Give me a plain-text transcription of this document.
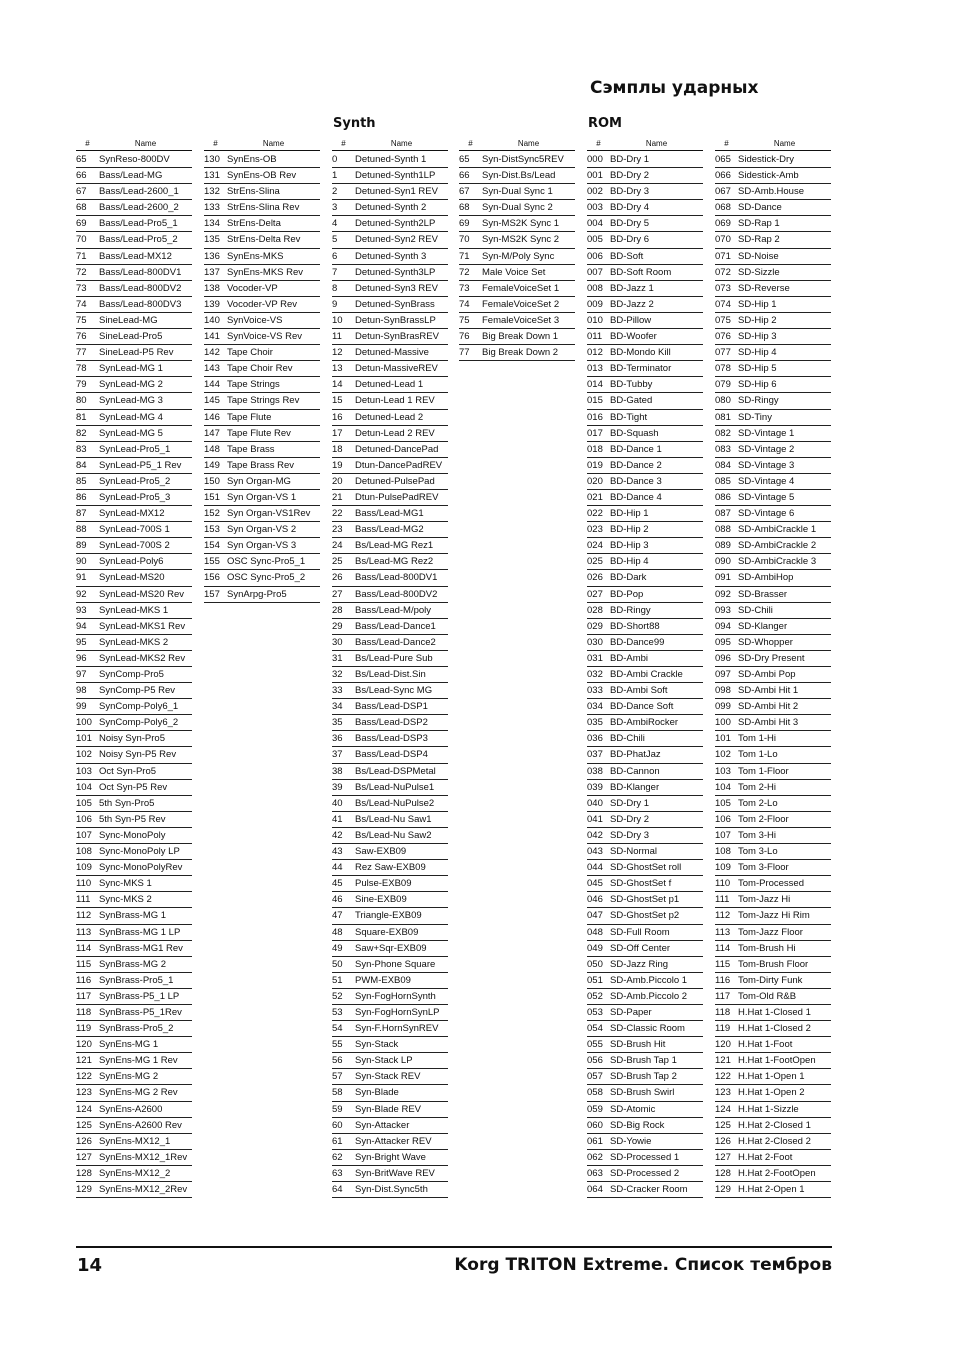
Сэмплы ударных
Synth	ROM
#	Name
65	SynReso-800DV
66	Bass/Lead-MG
67	Bass/Lead-2600_1
68	Bass/Lead-2600_2
69	Bass/Lead-Pro5_1
70	Bass/Lead-Pro5_2
71	Bass/Lead-MX12
72	Bass/Lead-800DV1
73	Bass/Lead-800DV2
74	Bass/Lead-800DV3
75	SineLead-MG
76	SineLead-Pro5
77	SineLead-P5 Rev
78	SynLead-MG 1
79	SynLead-MG 2
80	SynLead-MG 3
81	SynLead-MG 4
82	SynLead-MG 5
83	SynLead-Pro5_1
84	SynLead-P5_1 Rev
85	SynLead-Pro5_2
86	SynLead-Pro5_3
87	SynLead-MX12
88	SynLead-700S 1
89	SynLead-700S 2
90	SynLead-Poly6
91	SynLead-MS20
92	SynLead-MS20 Rev
93	SynLead-MKS 1
94	SynLead-MKS1 Rev
95	SynLead-MKS 2
96	SynLead-MKS2 Rev
97	SynComp-Pro5
98	SynComp-P5 Rev
99	SynComp-Poly6_1
100 SynComp-Poly6_2
101 Noisy Syn-Pro5
102 Noisy Syn-P5 Rev
103 Oct Syn-Pro5
104 Oct Syn-P5 Rev
105 5th Syn-Pro5
106 5th Syn-P5 Rev
107 Sync-MonoPoly
108 Sync-MonoPoly LP
109 Sync-MonoPolyRev
110 Sync-MKS 1
111 Sync-MKS 2
112 SynBrass-MG 1
113 SynBrass-MG 1 LP
114 SynBrass-MG1 Rev
115 SynBrass-MG 2
116 SynBrass-Pro5_1
117 SynBrass-P5_1 LP
118 SynBrass-P5_1Rev
119 SynBrass-Pro5_2
120 SynEns-MG 1
121 SynEns-MG 1 Rev
122 SynEns-MG 2
123 SynEns-MG 2 Rev
124 SynEns-A2600
125 SynEns-A2600 Rev
126 SynEns-MX12_1
127 SynEns-MX12_1Rev
128 SynEns-MX12_2
129 SynEns-MX12_2Rev
#	Name
130 SynEns-OB
131 SynEns-OB Rev
132 StrEns-Slina
133 StrEns-Slina Rev
134 StrEns-Delta
135 StrEns-Delta Rev
136 SynEns-MKS
137 SynEns-MKS Rev
138 Vocoder-VP
139 Vocoder-VP Rev
140 SynVoice-VS
141 SynVoice-VS Rev
142 Tape Choir
143 Tape Choir Rev
144 Tape Strings
145 Tape Strings Rev
146 Tape Flute
147 Tape Flute Rev
148 Tape Brass
149 Tape Brass Rev
150 Syn Organ-MG
151 Syn Organ-VS 1
152 Syn Organ-VS1Rev
153 Syn Organ-VS 2
154 Syn Organ-VS 3
155 OSC Sync-Pro5_1
156 OSC Sync-Pro5_2
157 SynArpg-Pro5
#	Name
0	Detuned-Synth 1
1	Detuned-Synth1LP
2	Detuned-Syn1 REV
3	Detuned-Synth 2
4	Detuned-Synth2LP
5	Detuned-Syn2 REV
6	Detuned-Synth 3
7	Detuned-Synth3LP
8	Detuned-Syn3 REV
9	Detuned-SynBrass
10	Detun-SynBrassLP
11	Detun-SynBrasREV
12	Detuned-Massive
13	Detun-MassiveREV
14	Detuned-Lead 1
15	Detun-Lead 1 REV
16	Detuned-Lead 2
17	Detun-Lead 2 REV
18	Detuned-DancePad
19	Dtun-DancePadREV
20	Detuned-PulsePad
21	Dtun-PulsePadREV
22	Bass/Lead-MG1
23	Bass/Lead-MG2
24	Bs/Lead-MG Rez1
25	Bs/Lead-MG Rez2
26	Bass/Lead-800DV1
27	Bass/Lead-800DV2
28	Bass/Lead-M/poly
29	Bass/Lead-Dance1
30	Bass/Lead-Dance2
31	Bs/Lead-Pure Sub
32	Bs/Lead-Dist.Sin
33	Bs/Lead-Sync MG
34	Bass/Lead-DSP1
35	Bass/Lead-DSP2
36	Bass/Lead-DSP3
37	Bass/Lead-DSP4
38	Bs/Lead-DSPMetal
39	Bs/Lead-NuPulse1
40	Bs/Lead-NuPulse2
41	Bs/Lead-Nu Saw1
42	Bs/Lead-Nu Saw2
43	Saw-EXB09
44	Rez Saw-EXB09
45	Pulse-EXB09
46	Sine-EXB09
47	Triangle-EXB09
48	Square-EXB09
49	Saw+Sqr-EXB09
50	Syn-Phone Square
51	PWM-EXB09
52	Syn-FogHornSynth
53	Syn-FogHornSynLP
54	Syn-F.HornSynREV
55	Syn-Stack
56	Syn-Stack LP
57	Syn-Stack REV
58	Syn-Blade
59	Syn-Blade REV
60	Syn-Attacker
61	Syn-Attacker REV
62	Syn-Bright Wave
63	Syn-BritWave REV
64	Syn-Dist.Sync5th
#	Name
65	Syn-DistSync5REV
66	Syn-Dist.Bs/Lead
67	Syn-Dual Sync 1
68	Syn-Dual Sync 2
69	Syn-MS2K Sync 1
70	Syn-MS2K Sync 2
71	Syn-M/Poly Sync
72	Male Voice Set
73	FemaleVoiceSet 1
74	FemaleVoiceSet 2
75	FemaleVoiceSet 3
76	Big Break Down 1
77	Big Break Down 2
#	Name
000 BD-Dry 1
001 BD-Dry 2
002 BD-Dry 3
003 BD-Dry 4
004 BD-Dry 5
005 BD-Dry 6
006 BD-Soft
007 BD-Soft Room
008 BD-Jazz 1
009 BD-Jazz 2
010 BD-Pillow
011 BD-Woofer
012 BD-Mondo Kill
013 BD-Terminator
014 BD-Tubby
015 BD-Gated
016 BD-Tight
017 BD-Squash
018 BD-Dance 1
019 BD-Dance 2
020 BD-Dance 3
021 BD-Dance 4
022 BD-Hip 1
023 BD-Hip 2
024 BD-Hip 3
025 BD-Hip 4
026 BD-Dark
027 BD-Pop
028 BD-Ringy
029 BD-Short88
030 BD-Dance99
031 BD-Ambi
032 BD-Ambi Crackle
033 BD-Ambi Soft
034 BD-Dance Soft
035 BD-AmbiRocker
036 BD-Chili
037 BD-PhatJaz
038 BD-Cannon
039 BD-Klanger
040 SD-Dry 1
041 SD-Dry 2
042 SD-Dry 3
043 SD-Normal
044 SD-GhostSet roll
045 SD-GhostSet f
046 SD-GhostSet p1
047 SD-GhostSet p2
048 SD-Full Room
049 SD-Off Center
050 SD-Jazz Ring
051 SD-Amb.Piccolo 1
052 SD-Amb.Piccolo 2
053 SD-Paper
054 SD-Classic Room
055 SD-Brush Hit
056 SD-Brush Tap 1
057 SD-Brush Tap 2
058 SD-Brush Swirl
059 SD-Atomic
060 SD-Big Rock
061 SD-Yowie
062 SD-Processed 1
063 SD-Processed 2
064 SD-Cracker Room
#	Name
065 Sidestick-Dry
066 Sidestick-Amb
067 SD-Amb.House
068 SD-Dance
069 SD-Rap 1
070 SD-Rap 2
071 SD-Noise
072 SD-Sizzle
073 SD-Reverse
074 SD-Hip 1
075 SD-Hip 2
076 SD-Hip 3
077 SD-Hip 4
078 SD-Hip 5
079 SD-Hip 6
080 SD-Ringy
081 SD-Tiny
082 SD-Vintage 1
083 SD-Vintage 2
084 SD-Vintage 3
085 SD-Vintage 4
086 SD-Vintage 5
087 SD-Vintage 6
088 SD-AmbiCrackle 1
089 SD-AmbiCrackle 2
090 SD-AmbiCrackle 3
091 SD-AmbiHop
092 SD-Brasser
093 SD-Chili
094 SD-Klanger
095 SD-Whopper
096 SD-Dry Present
097 SD-Ambi Pop
098 SD-Ambi Hit 1
099 SD-Ambi Hit 2
100 SD-Ambi Hit 3
101 Tom 1-Hi
102 Tom 1-Lo
103 Tom 1-Floor
104 Tom 2-Hi
105 Tom 2-Lo
106 Tom 2-Floor
107 Tom 3-Hi
108 Tom 3-Lo
109 Tom 3-Floor
110 Tom-Processed
111 Tom-Jazz Hi
112 Tom-Jazz Hi Rim
113 Tom-Jazz Floor
114 Tom-Brush Hi
115 Tom-Brush Floor
116 Tom-Dirty Funk
117 Tom-Old R&B
118 H.Hat 1-Closed 1
119 H.Hat 1-Closed 2
120 H.Hat 1-Foot
121 H.Hat 1-FootOpen
122 H.Hat 1-Open 1
123 H.Hat 1-Open 2
124 H.Hat 1-Sizzle
125 H.Hat 2-Closed 1
126 H.Hat 2-Closed 2
127 H.Hat 2-Foot
128 H.Hat 2-FootOpen
129 H.Hat 2-Open 1
14	Korg TRITON Extreme. Список тембров
